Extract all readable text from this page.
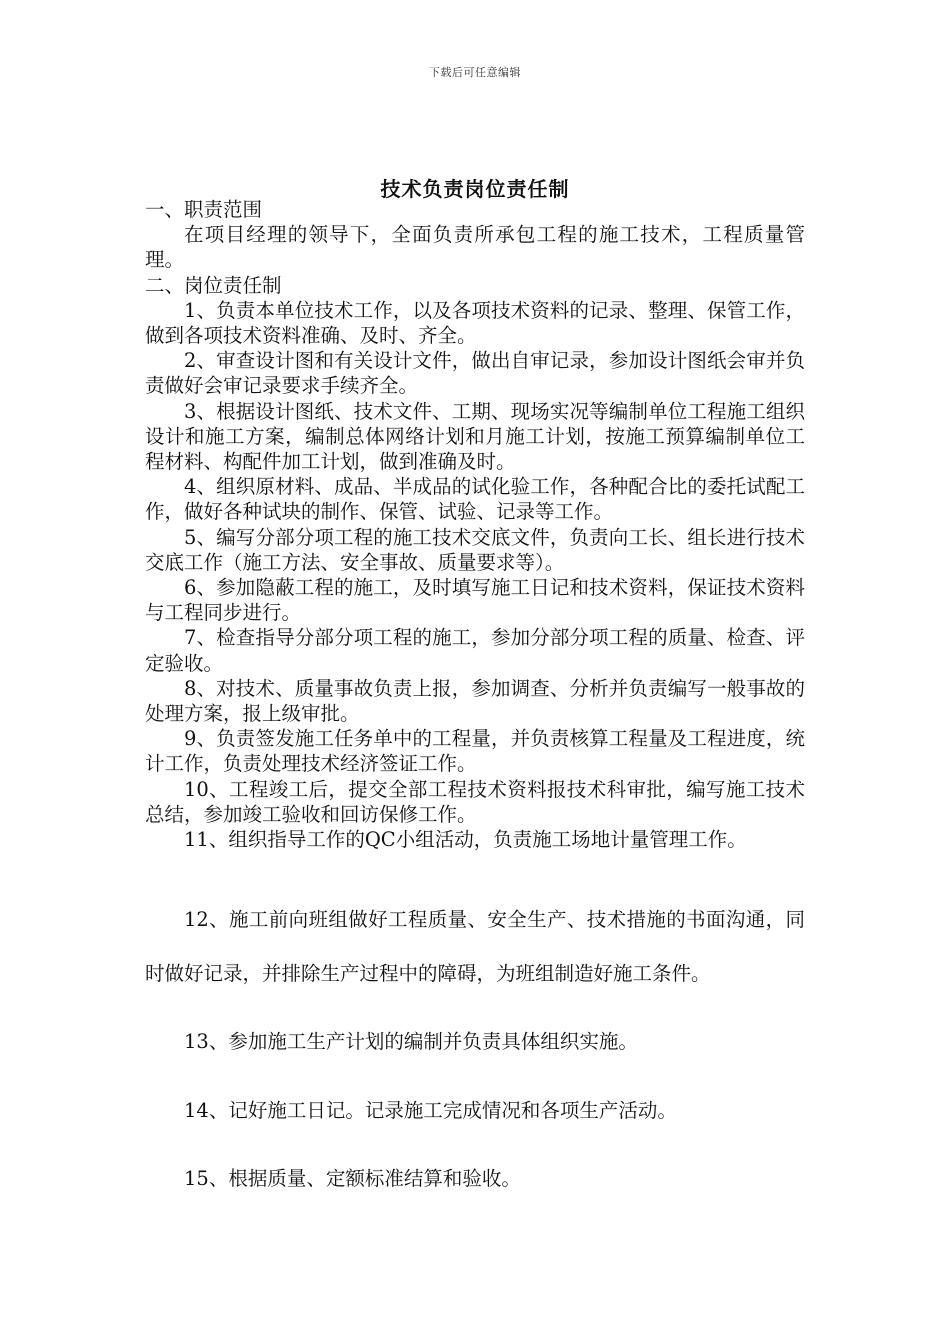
下载后可任意编辑
技术负责岗位责任制

一、职责范围

在项目经理的领导下，全面负责所承包工程的施工技术，工程质量管理。

二、岗位责任制

1、负责本单位技术工作，以及各项技术资料的记录、整理、保管工作，做到各项技术资料准确、及时、齐全。

2、审查设计图和有关设计文件，做出自审记录，参加设计图纸会审并负责做好会审记录要求手续齐全。

3、根据设计图纸、技术文件、工期、现场实况等编制单位工程施工组织设计和施工方案，编制总体网络计划和月施工计划，按施工预算编制单位工程材料、构配件加工计划，做到准确及时。

4、组织原材料、成品、半成品的试化验工作，各种配合比的委托试配工作，做好各种试块的制作、保管、试验、记录等工作。

5、编写分部分项工程的施工技术交底文件，负责向工长、组长进行技术交底工作（施工方法、安全事故、质量要求等）。

6、参加隐蔽工程的施工，及时填写施工日记和技术资料，保证技术资料与工程同步进行。

7、检查指导分部分项工程的施工，参加分部分项工程的质量、检查、评定验收。

8、对技术、质量事故负责上报，参加调查、分析并负责编写一般事故的处理方案，报上级审批。

9、负责签发施工任务单中的工程量，并负责核算工程量及工程进度，统计工作，负责处理技术经济签证工作。

10、工程竣工后，提交全部工程技术资料报技术科审批，编写施工技术总结，参加竣工验收和回访保修工作。

11、组织指导工作的QC小组活动，负责施工场地计量管理工作。

12、施工前向班组做好工程质量、安全生产、技术措施的书面沟通，同时做好记录，并排除生产过程中的障碍，为班组制造好施工条件。

13、参加施工生产计划的编制并负责具体组织实施。

14、记好施工日记。记录施工完成情况和各项生产活动。

15、根据质量、定额标准结算和验收。
